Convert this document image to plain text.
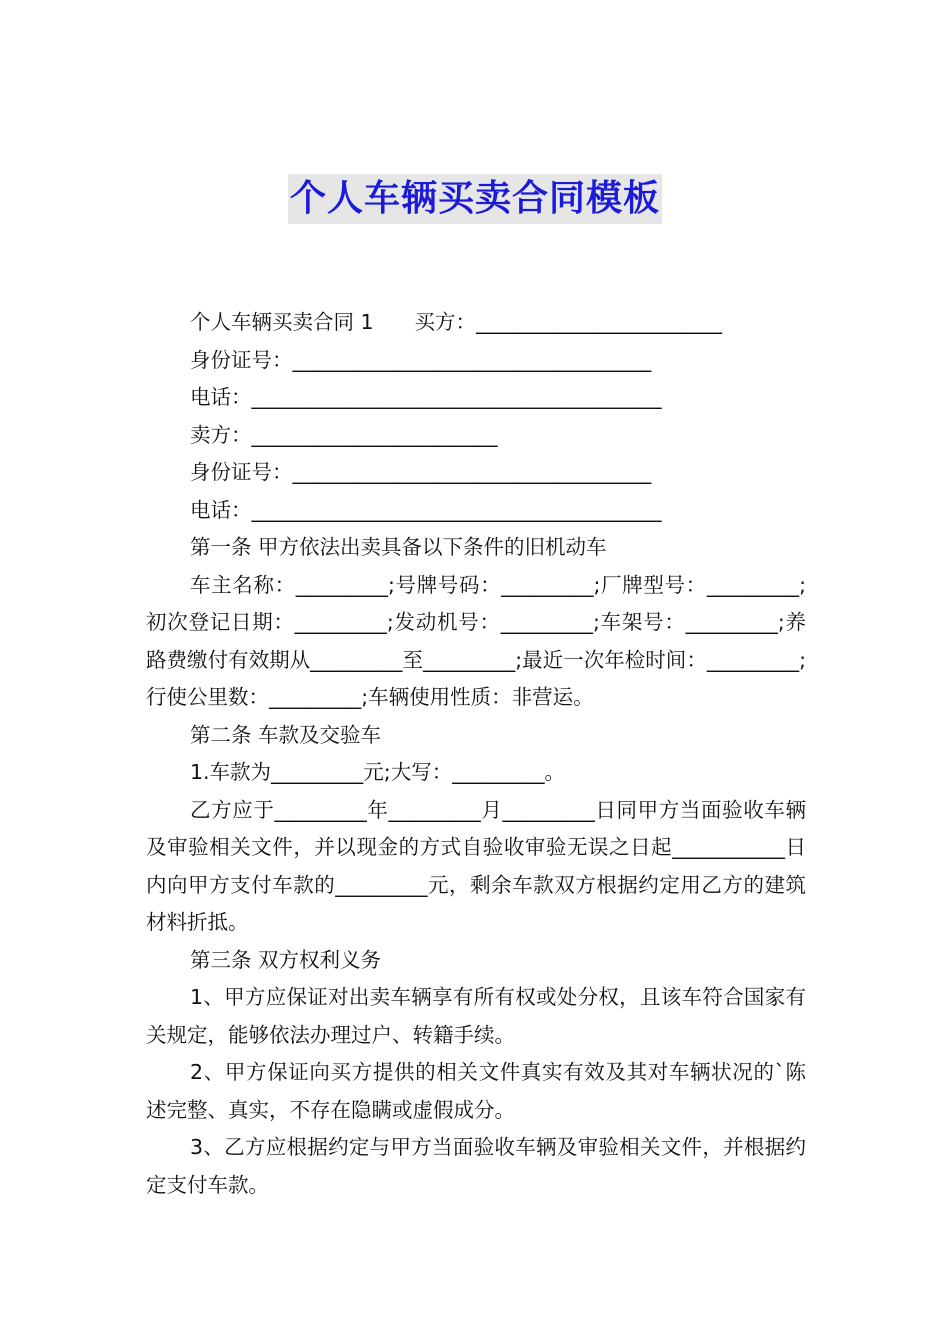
个人车辆买卖合同模板

个人车辆买卖合同 1　　买方：________________________

身份证号：___________________________________

电话：________________________________________

卖方：________________________

身份证号：___________________________________

电话：________________________________________

第一条 甲方依法出卖具备以下条件的旧机动车

车主名称：_________;号牌号码：_________;厂牌型号：_________;初次登记日期：_________;发动机号：_________;车架号：_________;养路费缴付有效期从_________至_________;最近一次年检时间：_________;行使公里数：_________;车辆使用性质：非营运。

第二条 车款及交验车

1.车款为_________元;大写：_________。

乙方应于_________年_________月_________日同甲方当面验收车辆及审验相关文件，并以现金的方式自验收审验无误之日起___________日内向甲方支付车款的_________元，剩余车款双方根据约定用乙方的建筑材料折抵。

第三条 双方权利义务

1、甲方应保证对出卖车辆享有所有权或处分权，且该车符合国家有关规定，能够依法办理过户、转籍手续。

2、甲方保证向买方提供的相关文件真实有效及其对车辆状况的`陈述完整、真实，不存在隐瞒或虚假成分。

3、乙方应根据约定与甲方当面验收车辆及审验相关文件，并根据约定支付车款。
